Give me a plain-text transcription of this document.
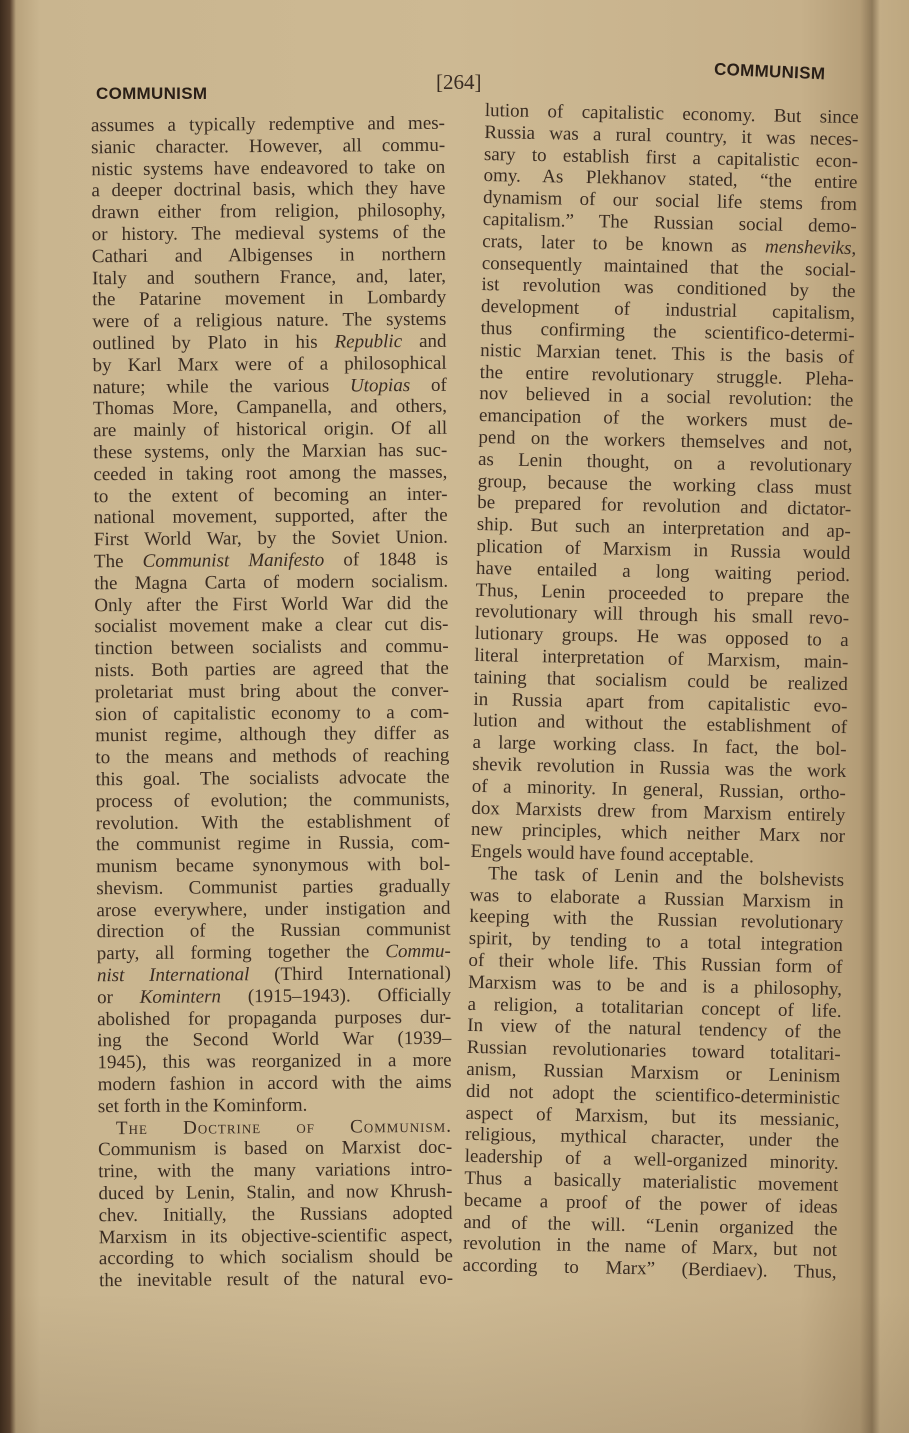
COMMUNISM	[264]	COMMUNISM
assumes a typically redemptive and mes-
sianic character. However, all commu-
nistic systems have endeavored to take on
a deeper doctrinal basis, which they have
drawn either from religion, philosophy,
or history. The medieval systems of the
Cathari and Albigenses in northern
Italy and southern France, and, later,
the Patarine movement in Lombardy
were of a religious nature. The systems
outlined by Plato in his Republic and
by Karl Marx were of a philosophical
nature; while the various Utopias of
Thomas More, Campanella, and others,
are mainly of historical origin. Of all
these systems, only the Marxian has suc-
ceeded in taking root among the masses,
to the extent of becoming an inter-
national movement, supported, after the
First World War, by the Soviet Union.
The Communist Manifesto of 1848 is
the Magna Carta of modern socialism.
Only after the First World War did the
socialist movement make a clear cut dis-
tinction between socialists and commu-
nists. Both parties are agreed that the
proletariat must bring about the conver-
sion of capitalistic economy to a com-
munist regime, although they differ as
to the means and methods of reaching
this goal. The socialists advocate the
process of evolution; the communists,
revolution. With the establishment of
the communist regime in Russia, com-
munism became synonymous with bol-
shevism. Communist parties gradually
arose everywhere, under instigation and
direction of the Russian communist
party, all forming together the Commu-
nist International (Third International)
or Komintern (1915–1943). Officially
abolished for propaganda purposes dur-
ing the Second World War (1939–
1945), this was reorganized in a more
modern fashion in accord with the aims
set forth in the Kominform.
The Doctrine of Communism.
Communism is based on Marxist doc-
trine, with the many variations intro-
duced by Lenin, Stalin, and now Khrush-
chev. Initially, the Russians adopted
Marxism in its objective-scientific aspect,
according to which socialism should be
the inevitable result of the natural evo-
lution of capitalistic economy. But since
Russia was a rural country, it was neces-
sary to establish first a capitalistic econ-
omy. As Plekhanov stated, “the entire
dynamism of our social life stems from
capitalism.” The Russian social demo-
crats, later to be known as mensheviks,
consequently maintained that the social-
ist revolution was conditioned by the
development of industrial capitalism,
thus confirming the scientifico-determi-
nistic Marxian tenet. This is the basis of
the entire revolutionary struggle. Pleha-
nov believed in a social revolution: the
emancipation of the workers must de-
pend on the workers themselves and not,
as Lenin thought, on a revolutionary
group, because the working class must
be prepared for revolution and dictator-
ship. But such an interpretation and ap-
plication of Marxism in Russia would
have entailed a long waiting period.
Thus, Lenin proceeded to prepare the
revolutionary will through his small revo-
lutionary groups. He was opposed to a
literal interpretation of Marxism, main-
taining that socialism could be realized
in Russia apart from capitalistic evo-
lution and without the establishment of
a large working class. In fact, the bol-
shevik revolution in Russia was the work
of a minority. In general, Russian, ortho-
dox Marxists drew from Marxism entirely
new principles, which neither Marx nor
Engels would have found acceptable.
The task of Lenin and the bolshevists
was to elaborate a Russian Marxism in
keeping with the Russian revolutionary
spirit, by tending to a total integration
of their whole life. This Russian form of
Marxism was to be and is a philosophy,
a religion, a totalitarian concept of life.
In view of the natural tendency of the
Russian revolutionaries toward totalitari-
anism, Russian Marxism or Leninism
did not adopt the scientifico-deterministic
aspect of Marxism, but its messianic,
religious, mythical character, under the
leadership of a well-organized minority.
Thus a basically materialistic movement
became a proof of the power of ideas
and of the will. “Lenin organized the
revolution in the name of Marx, but not
according to Marx” (Berdiaev). Thus,
